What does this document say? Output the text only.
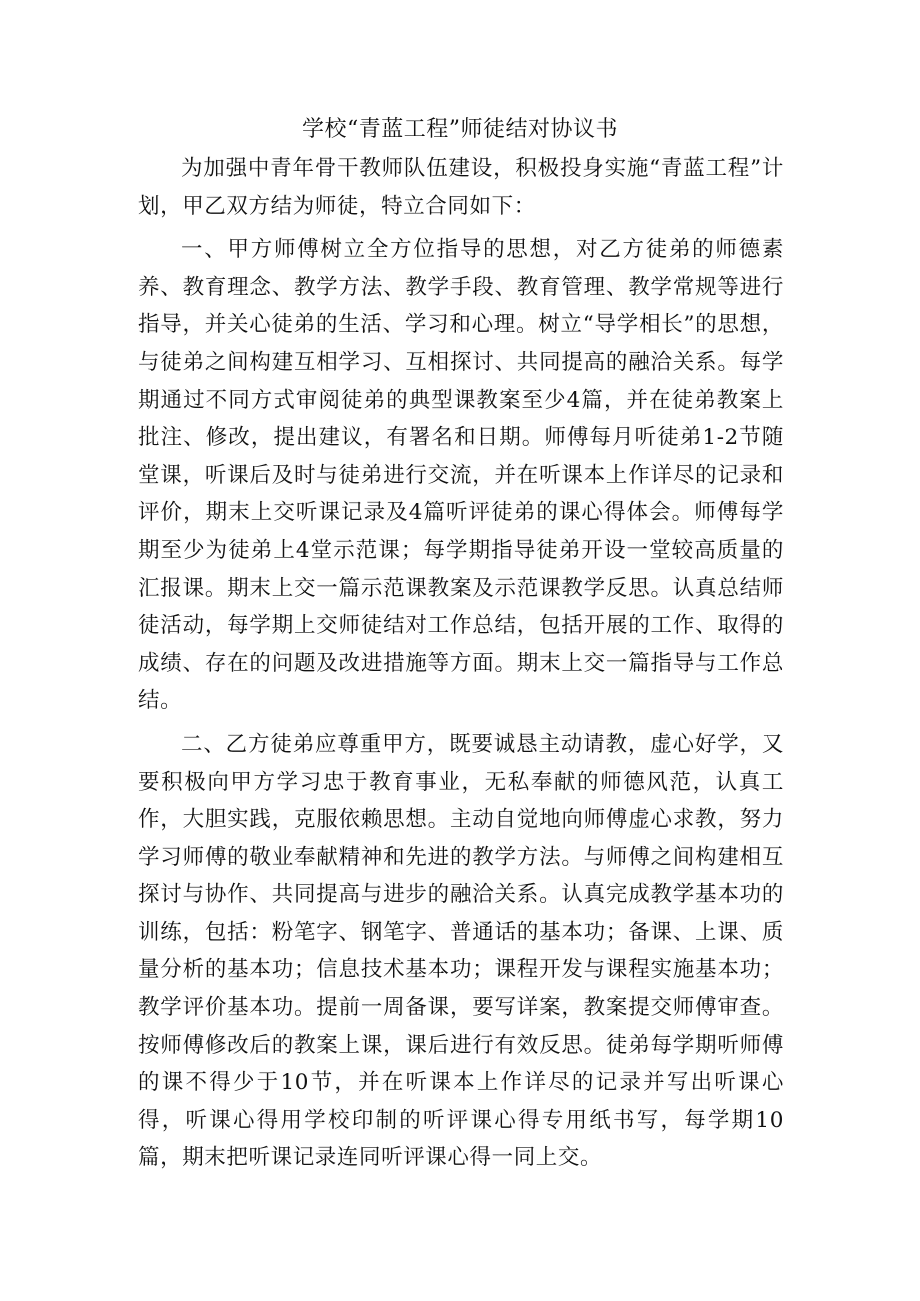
学校“青蓝工程”师徒结对协议书

为加强中青年骨干教师队伍建设，积极投身实施“青蓝工程”计划，甲乙双方结为师徒，特立合同如下：

一、甲方师傅树立全方位指导的思想，对乙方徒弟的师德素养、教育理念、教学方法、教学手段、教育管理、教学常规等进行指导，并关心徒弟的生活、学习和心理。树立“导学相长”的思想，与徒弟之间构建互相学习、互相探讨、共同提高的融洽关系。每学期通过不同方式审阅徒弟的典型课教案至少4篇，并在徒弟教案上批注、修改，提出建议，有署名和日期。师傅每月听徒弟1-2节随堂课，听课后及时与徒弟进行交流，并在听课本上作详尽的记录和评价，期末上交听课记录及4篇听评徒弟的课心得体会。师傅每学期至少为徒弟上4堂示范课；每学期指导徒弟开设一堂较高质量的汇报课。期末上交一篇示范课教案及示范课教学反思。认真总结师徒活动，每学期上交师徒结对工作总结，包括开展的工作、取得的成绩、存在的问题及改进措施等方面。期末上交一篇指导与工作总结。

二、乙方徒弟应尊重甲方，既要诚恳主动请教，虚心好学，又要积极向甲方学习忠于教育事业，无私奉献的师德风范，认真工作，大胆实践，克服依赖思想。主动自觉地向师傅虚心求教，努力学习师傅的敬业奉献精神和先进的教学方法。与师傅之间构建相互探讨与协作、共同提高与进步的融洽关系。认真完成教学基本功的训练，包括：粉笔字、钢笔字、普通话的基本功；备课、上课、质量分析的基本功；信息技术基本功；课程开发与课程实施基本功；教学评价基本功。提前一周备课，要写详案，教案提交师傅审查。按师傅修改后的教案上课，课后进行有效反思。徒弟每学期听师傅的课不得少于10节，并在听课本上作详尽的记录并写出听课心得，听课心得用学校印制的听评课心得专用纸书写，每学期10篇，期末把听课记录连同听评课心得一同上交。
